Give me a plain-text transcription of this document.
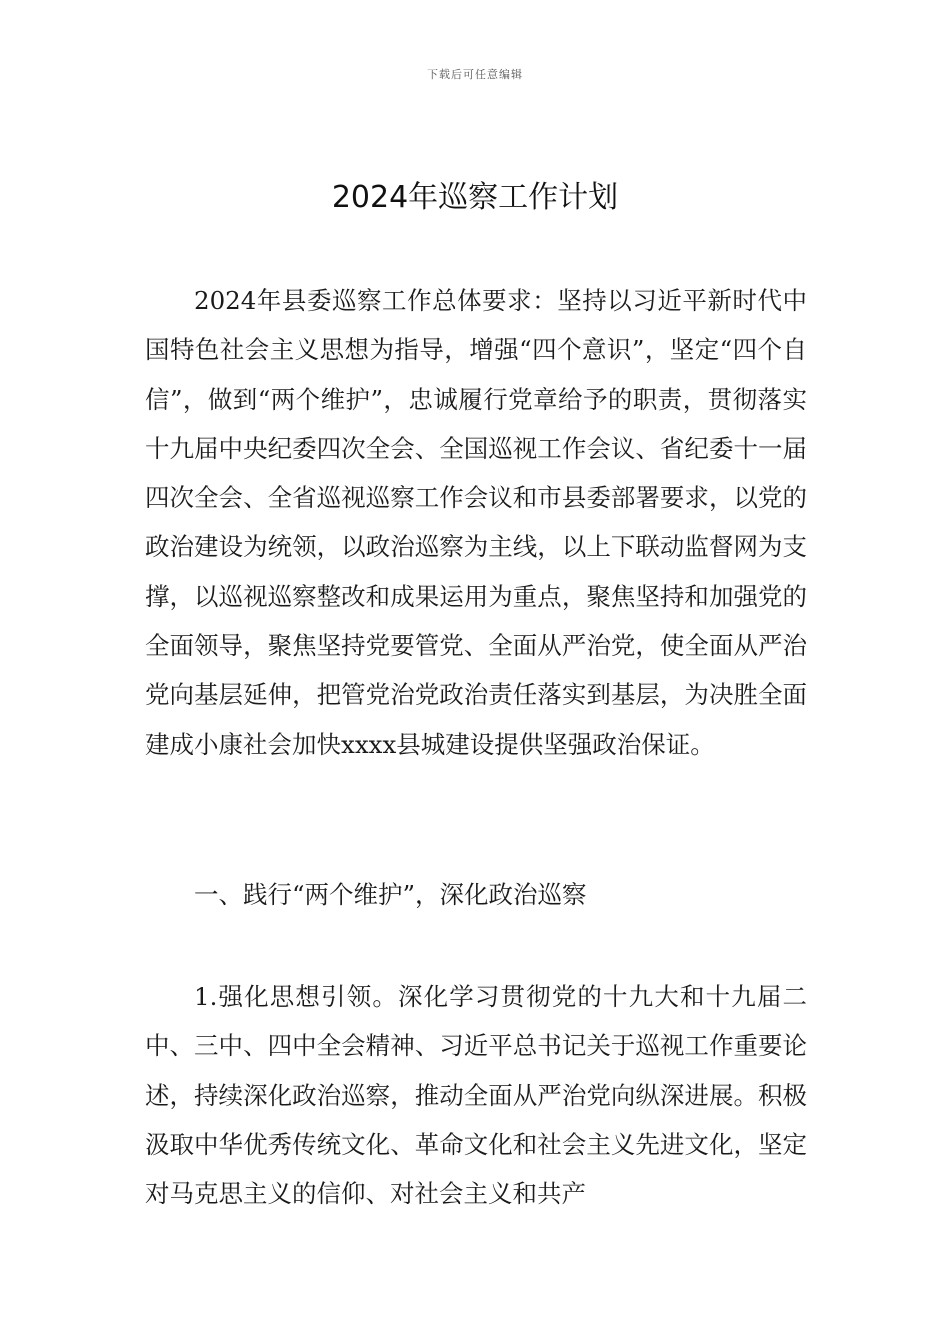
下载后可任意编辑
2024年巡察工作计划

2024年县委巡察工作总体要求：坚持以习近平新时代中国特色社会主义思想为指导，增强“四个意识”，坚定“四个自信”，做到“两个维护”，忠诚履行党章给予的职责，贯彻落实十九届中央纪委四次全会、全国巡视工作会议、省纪委十一届四次全会、全省巡视巡察工作会议和市县委部署要求，以党的政治建设为统领，以政治巡察为主线，以上下联动监督网为支撑，以巡视巡察整改和成果运用为重点，聚焦坚持和加强党的全面领导，聚焦坚持党要管党、全面从严治党，使全面从严治党向基层延伸，把管党治党政治责任落实到基层，为决胜全面建成小康社会加快xxxx县城建设提供坚强政治保证。

一、践行“两个维护”，深化政治巡察

1.强化思想引领。深化学习贯彻党的十九大和十九届二中、三中、四中全会精神、习近平总书记关于巡视工作重要论述，持续深化政治巡察，推动全面从严治党向纵深进展。积极汲取中华优秀传统文化、革命文化和社会主义先进文化，坚定对马克思主义的信仰、对社会主义和共产
